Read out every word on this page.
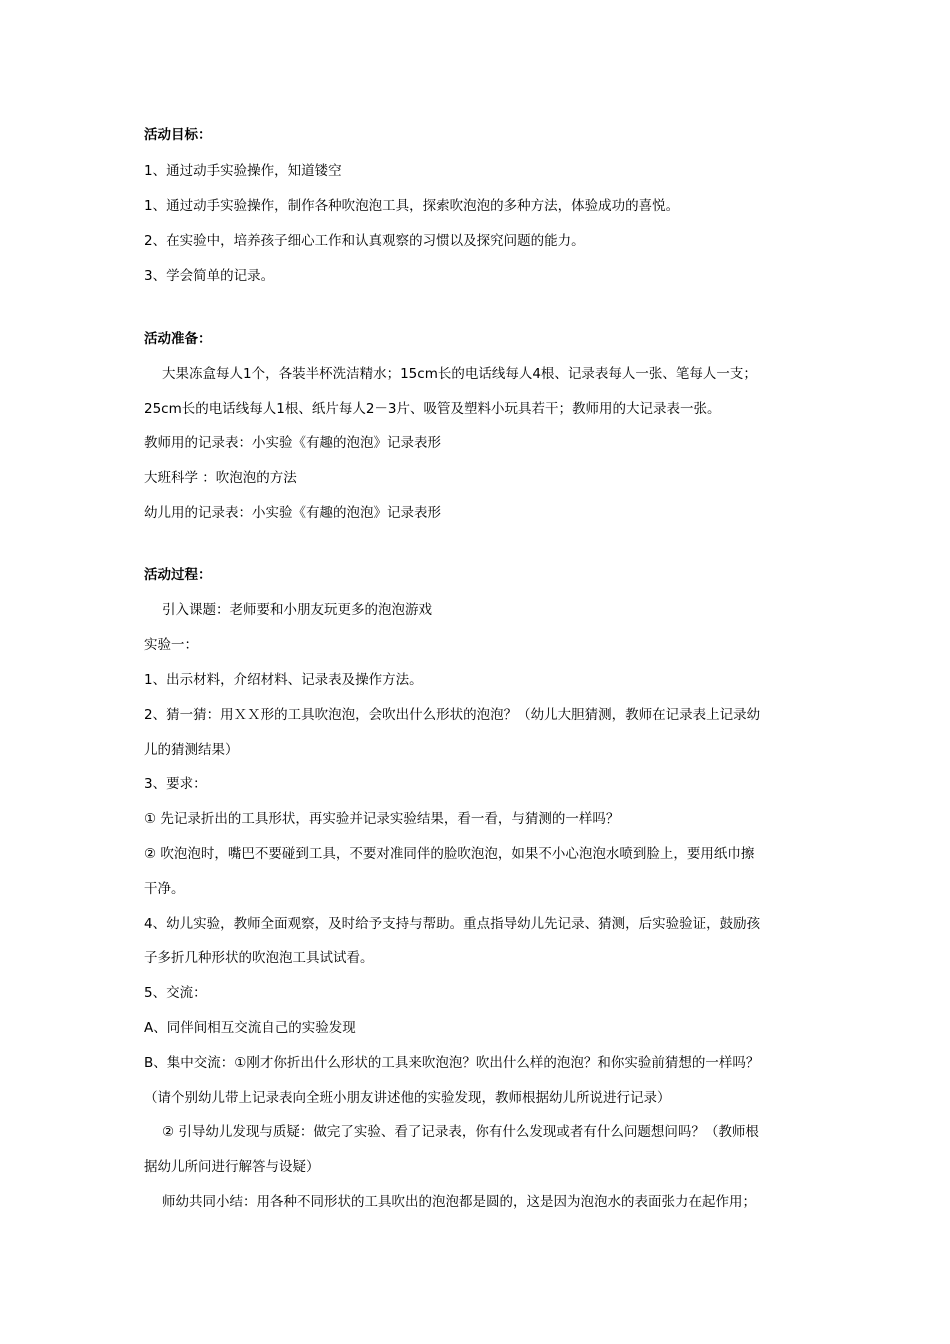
活动目标：
1、通过动手实验操作，知道镂空
1、通过动手实验操作，制作各种吹泡泡工具，探索吹泡泡的多种方法，体验成功的喜悦。
2、在实验中，培养孩子细心工作和认真观察的习惯以及探究问题的能力。
3、学会简单的记录。
活动准备：
大果冻盒每人1个，各装半杯洗洁精水；15cm长的电话线每人4根、记录表每人一张、笔每人一支；
25cm长的电话线每人1根、纸片每人2－3片、吸管及塑料小玩具若干；教师用的大记录表一张。
教师用的记录表：小实验《有趣的泡泡》记录表形
大班科学 ：吹泡泡的方法
幼儿用的记录表：小实验《有趣的泡泡》记录表形
活动过程：
引入课题：老师要和小朋友玩更多的泡泡游戏
实验一：
1、出示材料，介绍材料、记录表及操作方法。
2、猜一猜：用ＸＸ形的工具吹泡泡，会吹出什么形状的泡泡？（幼儿大胆猜测，教师在记录表上记录幼
儿的猜测结果）
3、要求：
① 先记录折出的工具形状，再实验并记录实验结果，看一看，与猜测的一样吗？
② 吹泡泡时，嘴巴不要碰到工具，不要对准同伴的脸吹泡泡，如果不小心泡泡水喷到脸上，要用纸巾擦
干净。
4、幼儿实验，教师全面观察，及时给予支持与帮助。重点指导幼儿先记录、猜测，后实验验证，鼓励孩
子多折几种形状的吹泡泡工具试试看。
5、交流：
A、同伴间相互交流自己的实验发现
B、集中交流：①刚才你折出什么形状的工具来吹泡泡？吹出什么样的泡泡？和你实验前猜想的一样吗？
（请个别幼儿带上记录表向全班小朋友讲述他的实验发现，教师根据幼儿所说进行记录）
② 引导幼儿发现与质疑：做完了实验、看了记录表，你有什么发现或者有什么问题想问吗？（教师根
据幼儿所问进行解答与设疑）
师幼共同小结：用各种不同形状的工具吹出的泡泡都是圆的，这是因为泡泡水的表面张力在起作用；
